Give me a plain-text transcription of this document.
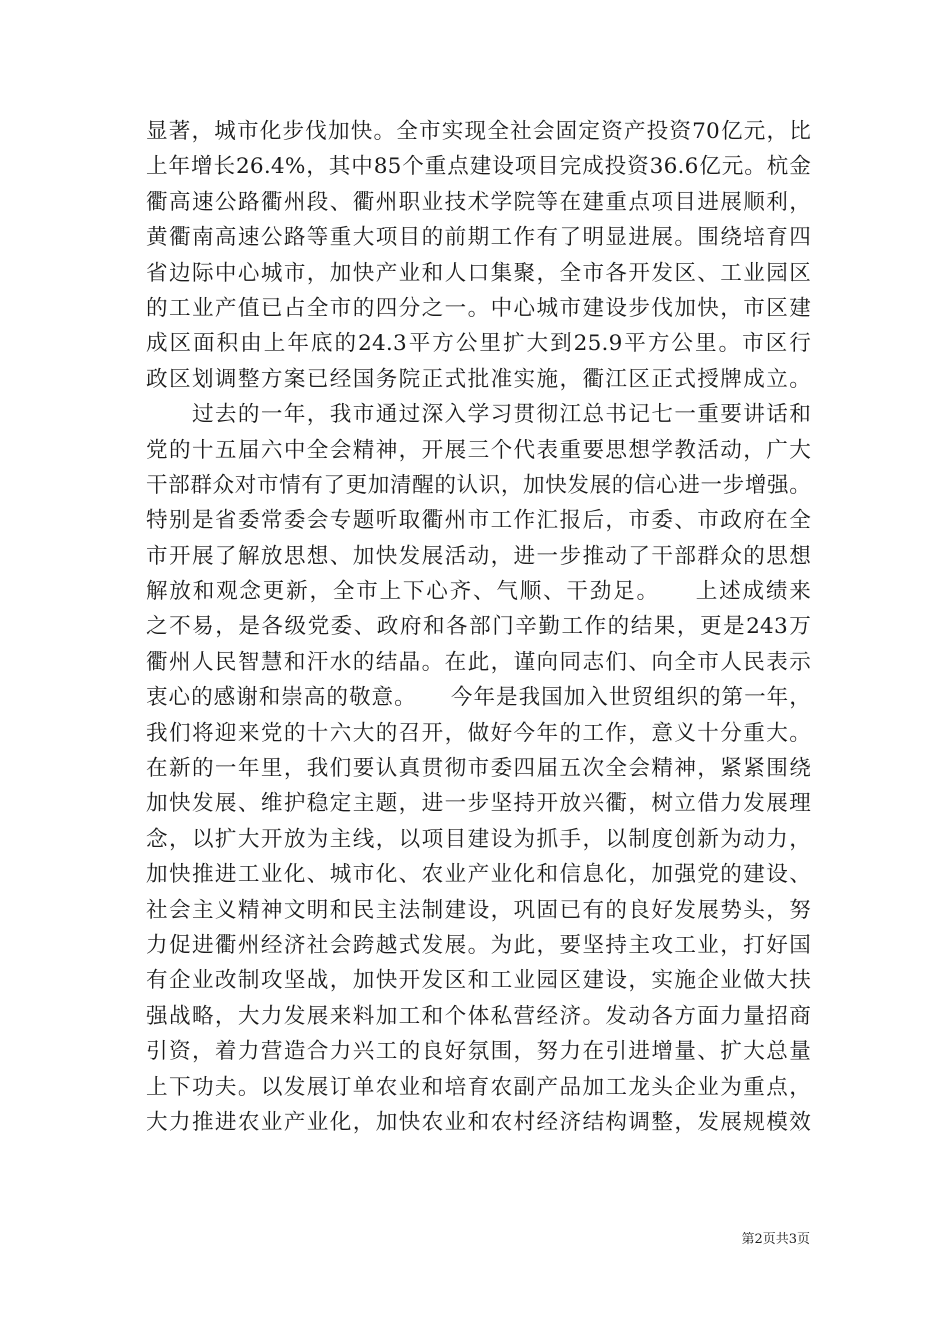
显著，城市化步伐加快。全市实现全社会固定资产投资70亿元，比
上年增长26.4%，其中85个重点建设项目完成投资36.6亿元。杭金
衢高速公路衢州段、衢州职业技术学院等在建重点项目进展顺利，
黄衢南高速公路等重大项目的前期工作有了明显进展。围绕培育四
省边际中心城市，加快产业和人口集聚，全市各开发区、工业园区
的工业产值已占全市的四分之一。中心城市建设步伐加快，市区建
成区面积由上年底的24.3平方公里扩大到25.9平方公里。市区行
政区划调整方案已经国务院正式批准实施，衢江区正式授牌成立。
　　过去的一年，我市通过深入学习贯彻江总书记七一重要讲话和
党的十五届六中全会精神，开展三个代表重要思想学教活动，广大
干部群众对市情有了更加清醒的认识，加快发展的信心进一步增强。
特别是省委常委会专题听取衢州市工作汇报后，市委、市政府在全
市开展了解放思想、加快发展活动，进一步推动了干部群众的思想
解放和观念更新，全市上下心齐、气顺、干劲足。　　上述成绩来
之不易，是各级党委、政府和各部门辛勤工作的结果，更是243万
衢州人民智慧和汗水的结晶。在此，谨向同志们、向全市人民表示
衷心的感谢和崇高的敬意。　　今年是我国加入世贸组织的第一年，
我们将迎来党的十六大的召开，做好今年的工作，意义十分重大。
在新的一年里，我们要认真贯彻市委四届五次全会精神，紧紧围绕
加快发展、维护稳定主题，进一步坚持开放兴衢，树立借力发展理
念，以扩大开放为主线，以项目建设为抓手，以制度创新为动力，
加快推进工业化、城市化、农业产业化和信息化，加强党的建设、
社会主义精神文明和民主法制建设，巩固已有的良好发展势头，努
力促进衢州经济社会跨越式发展。为此，要坚持主攻工业，打好国
有企业改制攻坚战，加快开发区和工业园区建设，实施企业做大扶
强战略，大力发展来料加工和个体私营经济。发动各方面力量招商
引资，着力营造合力兴工的良好氛围，努力在引进增量、扩大总量
上下功夫。以发展订单农业和培育农副产品加工龙头企业为重点，
大力推进农业产业化，加快农业和农村经济结构调整，发展规模效
第2页共3页
